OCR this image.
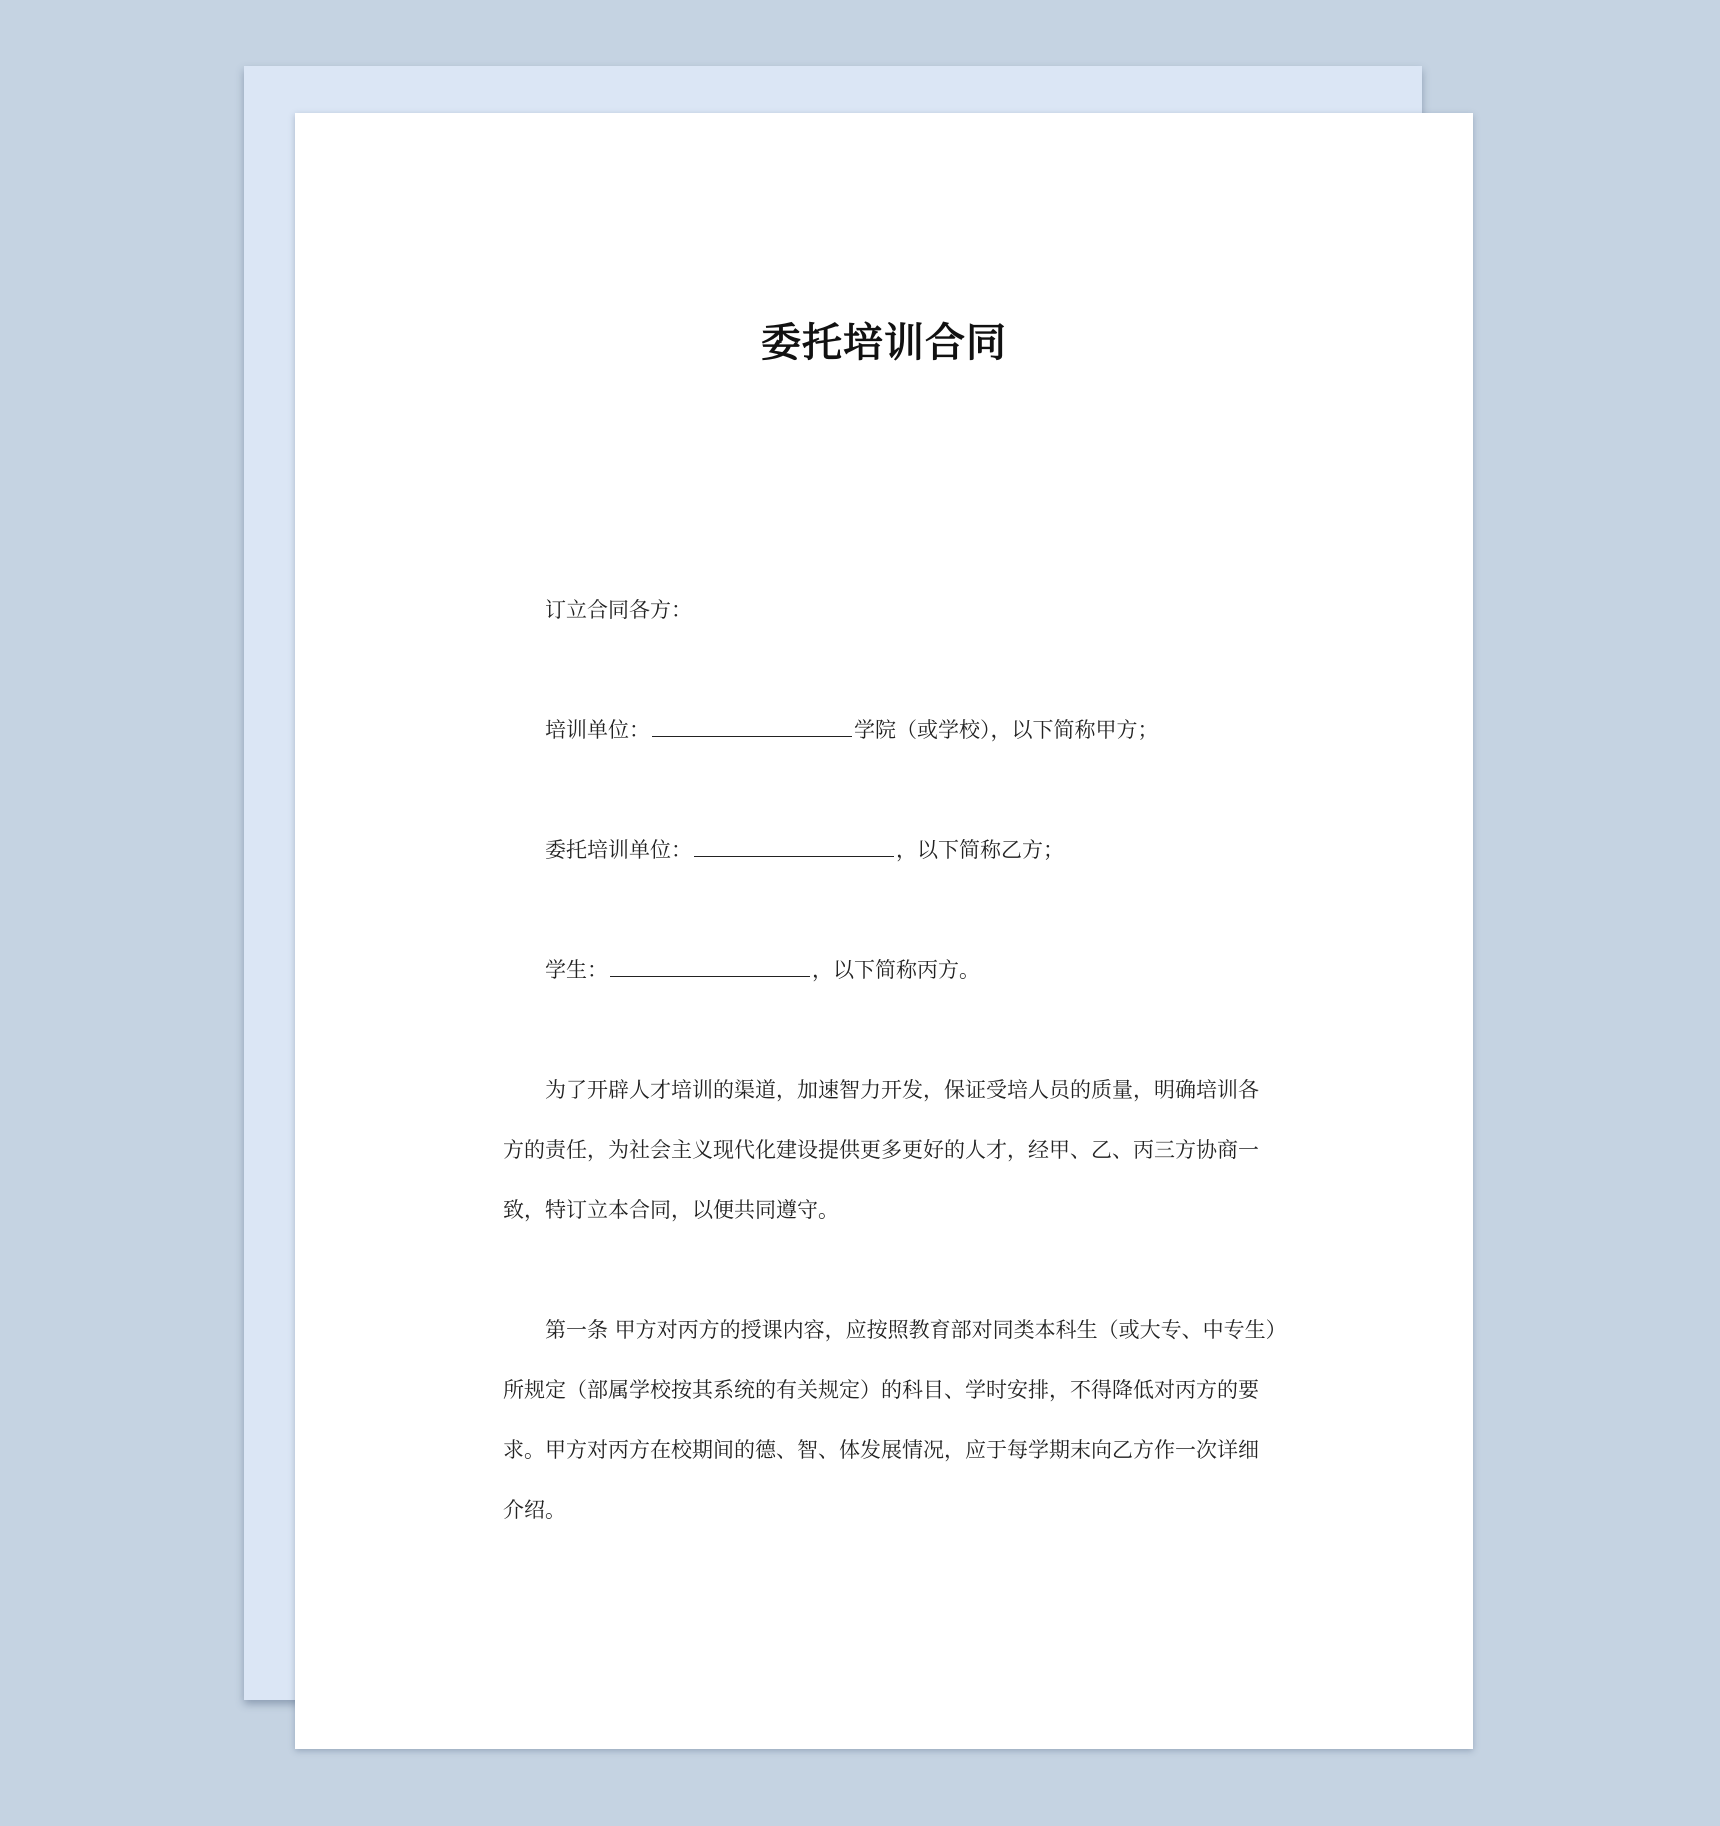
委托培训合同
订立合同各方：
培训单位：	学院（或学校），以下简称甲方；
委托培训单位：	，以下简称乙方；
学生：	，以下简称丙方。
为了开辟人才培训的渠道，加速智力开发，保证受培人员的质量，明确培训各
方的责任，为社会主义现代化建设提供更多更好的人才，经甲、乙、丙三方协商一
致，特订立本合同，以便共同遵守。
第一条 甲方对丙方的授课内容，应按照教育部对同类本科生（或大专、中专生）
所规定（部属学校按其系统的有关规定）的科目、学时安排，不得降低对丙方的要
求。甲方对丙方在校期间的德、智、体发展情况，应于每学期末向乙方作一次详细
介绍。
